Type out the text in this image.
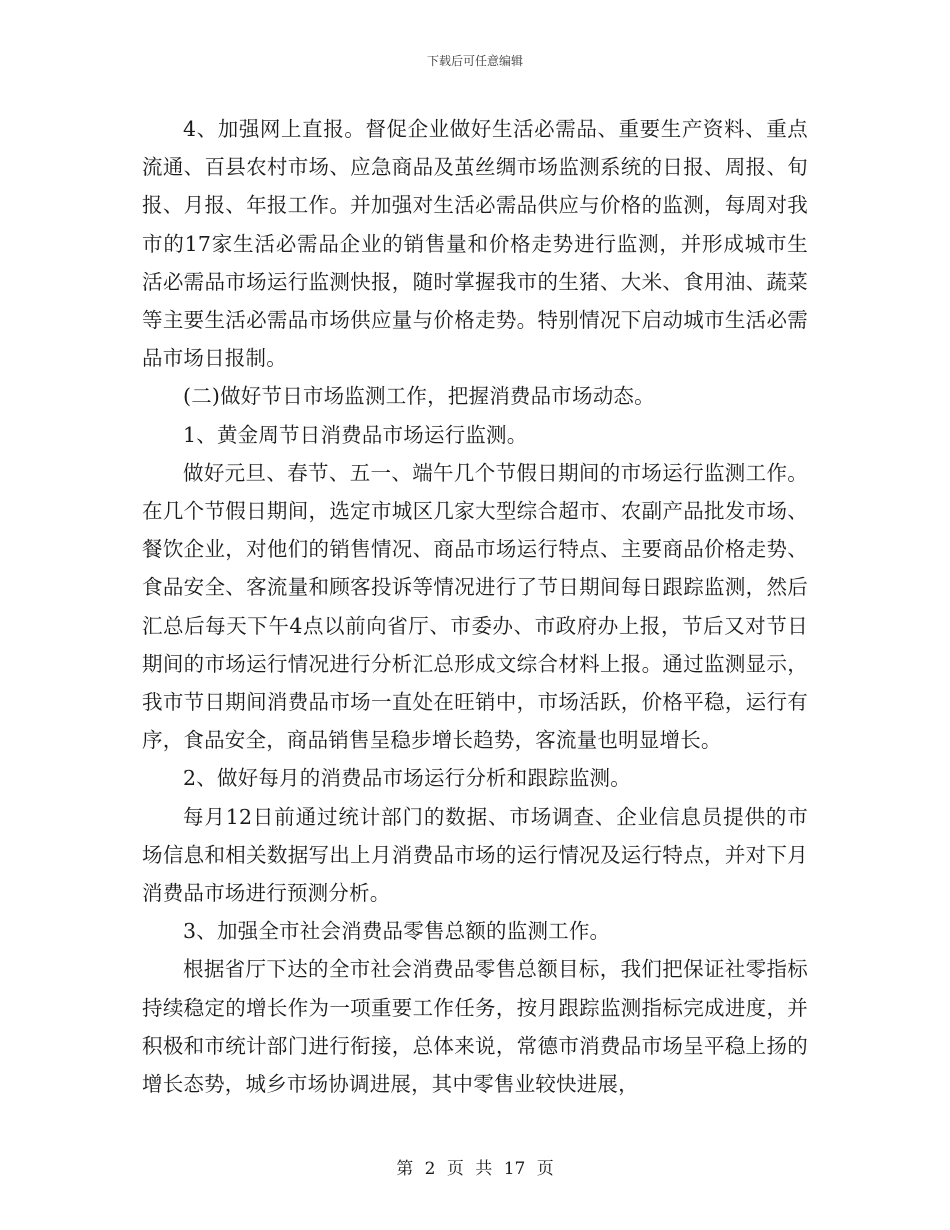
下载后可任意编辑

4、加强网上直报。督促企业做好生活必需品、重要生产资料、重点流通、百县农村市场、应急商品及茧丝绸市场监测系统的日报、周报、旬报、月报、年报工作。并加强对生活必需品供应与价格的监测，每周对我市的17家生活必需品企业的销售量和价格走势进行监测，并形成城市生活必需品市场运行监测快报，随时掌握我市的生猪、大米、食用油、蔬菜等主要生活必需品市场供应量与价格走势。特别情况下启动城市生活必需品市场日报制。

(二)做好节日市场监测工作，把握消费品市场动态。

1、黄金周节日消费品市场运行监测。

做好元旦、春节、五一、端午几个节假日期间的市场运行监测工作。在几个节假日期间，选定市城区几家大型综合超市、农副产品批发市场、餐饮企业，对他们的销售情况、商品市场运行特点、主要商品价格走势、食品安全、客流量和顾客投诉等情况进行了节日期间每日跟踪监测，然后汇总后每天下午4点以前向省厅、市委办、市政府办上报，节后又对节日期间的市场运行情况进行分析汇总形成文综合材料上报。通过监测显示，我市节日期间消费品市场一直处在旺销中，市场活跃，价格平稳，运行有序，食品安全，商品销售呈稳步增长趋势，客流量也明显增长。

2、做好每月的消费品市场运行分析和跟踪监测。

每月12日前通过统计部门的数据、市场调查、企业信息员提供的市场信息和相关数据写出上月消费品市场的运行情况及运行特点，并对下月消费品市场进行预测分析。

3、加强全市社会消费品零售总额的监测工作。

根据省厅下达的全市社会消费品零售总额目标，我们把保证社零指标持续稳定的增长作为一项重要工作任务，按月跟踪监测指标完成进度，并积极和市统计部门进行衔接，总体来说，常德市消费品市场呈平稳上扬的增长态势，城乡市场协调进展，其中零售业较快进展，

第 2 页 共 17 页
